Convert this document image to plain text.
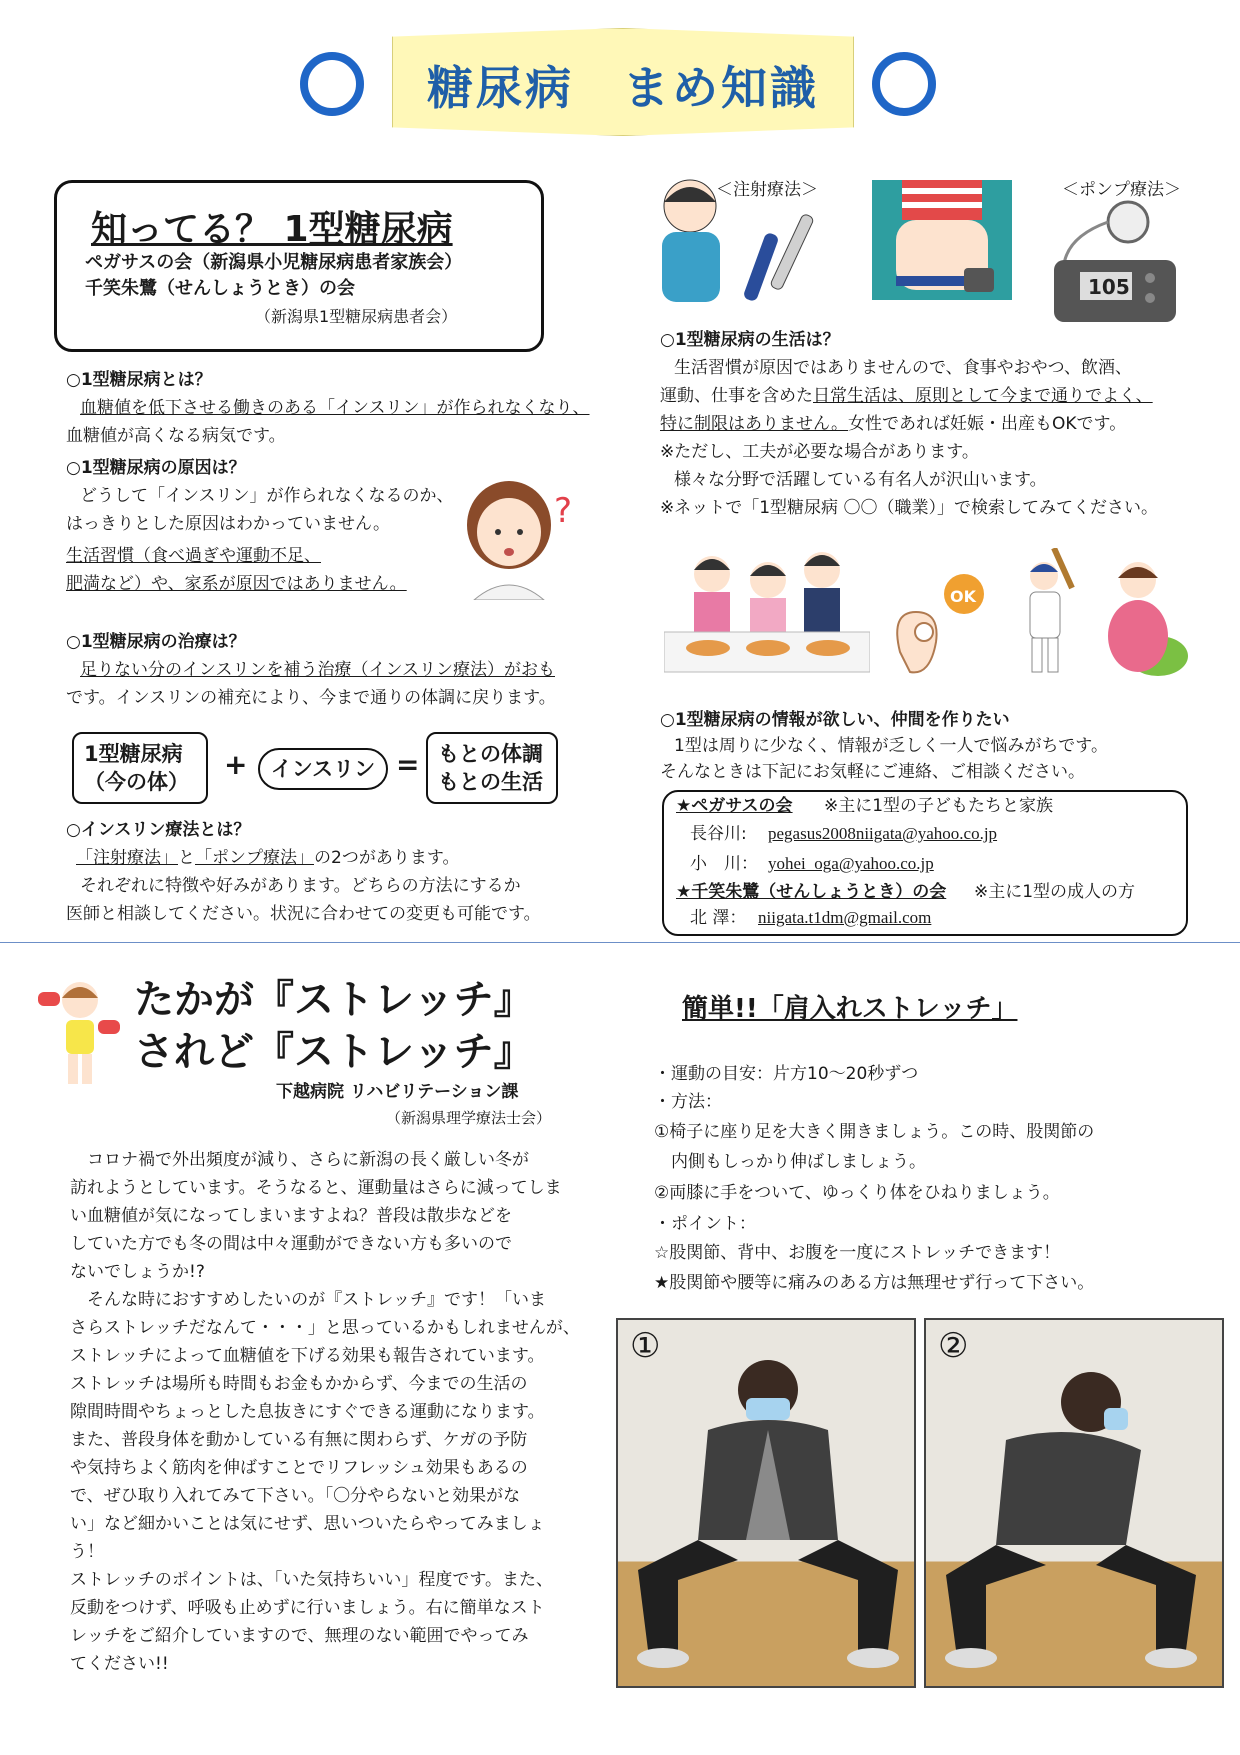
糖尿病　まめ知識
知ってる？ 1型糖尿病
ペガサスの会（新潟県小児糖尿病患者家族会）
千笑朱鷺（せんしょうとき）の会
（新潟県1型糖尿病患者会）
○1型糖尿病とは？
血糖値を低下させる働きのある「インスリン」が作られなくなり、
血糖値が高くなる病気です。
○1型糖尿病の原因は？
どうして「インスリン」が作られなくなるのか、
はっきりとした原因はわかっていません。
生活習慣（食べ過ぎや運動不足、
肥満など）や、家系が原因ではありません。
?
○1型糖尿病の治療は？
足りない分のインスリンを補う治療（インスリン療法）がおも
です。インスリンの補充により、今まで通りの体調に戻ります。
1型糖尿病
（今の体）
+	インスリン = もとの体調
もとの生活
○インスリン療法とは？
「注射療法」と「ポンプ療法」の2つがあります。
それぞれに特徴や好みがあります。どちらの方法にするか
医師と相談してください。状況に合わせての変更も可能です。
＜注射療法＞	＜ポンプ療法＞
105
○1型糖尿病の生活は？
生活習慣が原因ではありませんので、食事やおやつ、飲酒、
運動、仕事を含めた日常生活は、原則として今まで通りでよく、
特に制限はありません。女性であれば妊娠・出産もOKです。
※ただし、工夫が必要な場合があります。
様々な分野で活躍している有名人が沢山います。
※ネットで「1型糖尿病 〇〇（職業）」で検索してみてください。
OK
○1型糖尿病の情報が欲しい、仲間を作りたい
1型は周りに少なく、情報が乏しく一人で悩みがちです。
そんなときは下記にお気軽にご連絡、ご相談ください。
★ペガサスの会 ※主に1型の子どもたちと家族
長谷川: pegasus2008niigata@yahoo.co.jp
小　川： yohei_oga@yahoo.co.jp
★千笑朱鷺（せんしょうとき）の会 ※主に1型の成人の方
北 澤： niigata.t1dm@gmail.com
たかが『ストレッチ』
されど『ストレッチ』
下越病院 リハビリテーション課
（新潟県理学療法士会）
　コロナ禍で外出頻度が減り、さらに新潟の長く厳しい冬が
訪れようとしています。そうなると、運動量はさらに減ってしま
い血糖値が気になってしまいますよね？普段は散歩などを
していた方でも冬の間は中々運動ができない方も多いので
ないでしょうか!?
　そんな時におすすめしたいのが『ストレッチ』です！「いま
さらストレッチだなんて・・・」と思っているかもしれませんが、
ストレッチによって血糖値を下げる効果も報告されています。
ストレッチは場所も時間もお金もかからず、今までの生活の
隙間時間やちょっとした息抜きにすぐできる運動になります。
また、普段身体を動かしている有無に関わらず、ケガの予防
や気持ちよく筋肉を伸ばすことでリフレッシュ効果もあるの
で、ぜひ取り入れてみて下さい。「〇分やらないと効果がな
い」など細かいことは気にせず、思いついたらやってみましょ
う！
ストレッチのポイントは、「いた気持ちいい」程度です。また、
反動をつけず、呼吸も止めずに行いましょう。右に簡単なスト
レッチをご紹介していますので、無理のない範囲でやってみ
てください!!
簡単!!「肩入れストレッチ」
・運動の目安：片方10～20秒ずつ
・方法：
①椅子に座り足を大きく開きましょう。この時、股関節の
　内側もしっかり伸ばしましょう。
②両膝に手をついて、ゆっくり体をひねりましょう。
・ポイント：
☆股関節、背中、お腹を一度にストレッチできます！
★股関節や腰等に痛みのある方は無理せず行って下さい。
①	②
